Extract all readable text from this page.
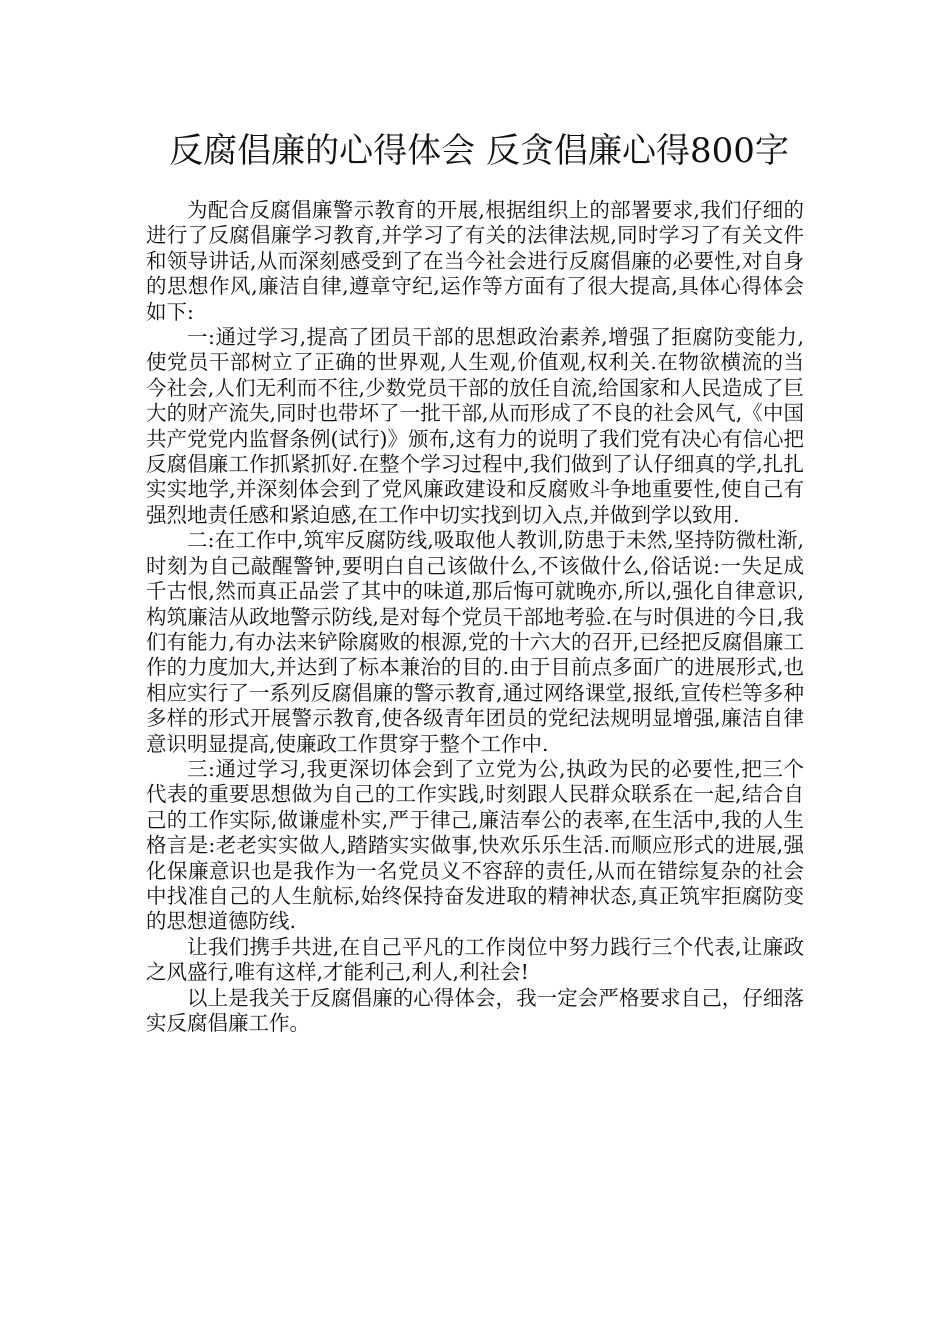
反腐倡廉的心得体会 反贪倡廉心得800字

为配合反腐倡廉警示教育的开展,根据组织上的部署要求,我们仔细的进行了反腐倡廉学习教育,并学习了有关的法律法规,同时学习了有关文件和领导讲话,从而深刻感受到了在当今社会进行反腐倡廉的必要性,对自身的思想作风,廉洁自律,遵章守纪,运作等方面有了很大提高,具体心得体会如下:

一:通过学习,提高了团员干部的思想政治素养,增强了拒腐防变能力,使党员干部树立了正确的世界观,人生观,价值观,权利关.在物欲横流的当今社会,人们无利而不往,少数党员干部的放任自流,给国家和人民造成了巨大的财产流失,同时也带坏了一批干部,从而形成了不良的社会风气,《中国共产党党内监督条例(试行)》颁布,这有力的说明了我们党有决心有信心把反腐倡廉工作抓紧抓好.在整个学习过程中,我们做到了认仔细真的学,扎扎实实地学,并深刻体会到了党风廉政建设和反腐败斗争地重要性,使自己有强烈地责任感和紧迫感,在工作中切实找到切入点,并做到学以致用.

二:在工作中,筑牢反腐防线,吸取他人教训,防患于未然,坚持防微杜渐,时刻为自己敲醒警钟,要明白自己该做什么,不该做什么,俗话说:一失足成千古恨,然而真正品尝了其中的味道,那后悔可就晚亦,所以,强化自律意识,构筑廉洁从政地警示防线,是对每个党员干部地考验.在与时俱进的今日,我们有能力,有办法来铲除腐败的根源,党的十六大的召开,已经把反腐倡廉工作的力度加大,并达到了标本兼治的目的.由于目前点多面广的进展形式,也相应实行了一系列反腐倡廉的警示教育,通过网络课堂,报纸,宣传栏等多种多样的形式开展警示教育,使各级青年团员的党纪法规明显增强,廉洁自律意识明显提高,使廉政工作贯穿于整个工作中.

三:通过学习,我更深切体会到了立党为公,执政为民的必要性,把三个代表的重要思想做为自己的工作实践,时刻跟人民群众联系在一起,结合自己的工作实际,做谦虚朴实,严于律己,廉洁奉公的表率,在生活中,我的人生格言是:老老实实做人,踏踏实实做事,快欢乐乐生活.而顺应形式的进展,强化保廉意识也是我作为一名党员义不容辞的责任,从而在错综复杂的社会中找准自己的人生航标,始终保持奋发进取的精神状态,真正筑牢拒腐防变的思想道德防线.

让我们携手共进,在自己平凡的工作岗位中努力践行三个代表,让廉政之风盛行,唯有这样,才能利己,利人,利社会!

以上是我关于反腐倡廉的心得体会，我一定会严格要求自己，仔细落实反腐倡廉工作。
